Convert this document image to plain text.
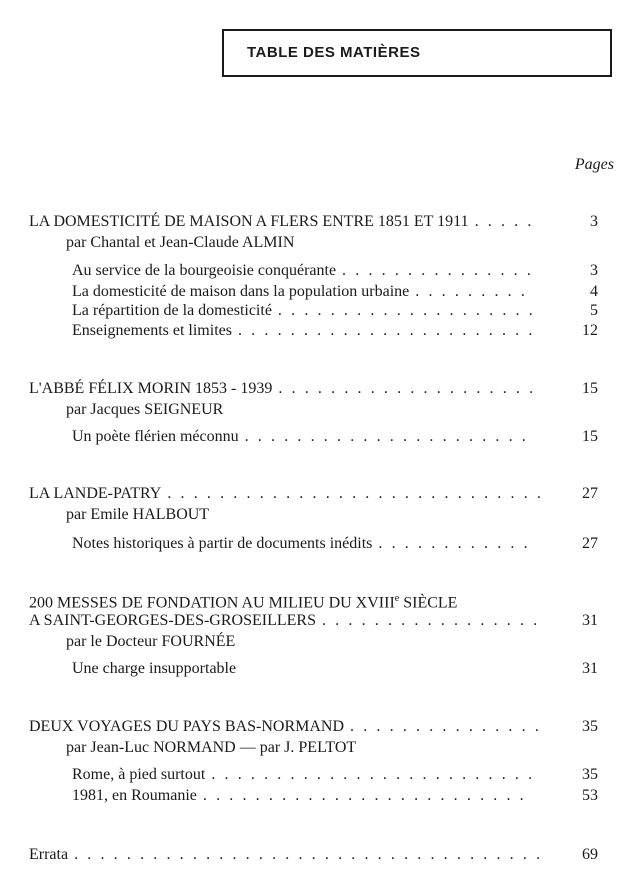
TABLE DES MATIÈRES
Pages
LA DOMESTICITÉ DE MAISON A FLERS ENTRE 1851 ET 1911 . . .	3
par Chantal et Jean-Claude ALMIN
Au service de la bourgeoisie conquérante . . .	3
La domesticité de maison dans la population urbaine . . .	4
La répartition de la domesticité . . .	5
Enseignements et limites . . .	12
L'ABBÉ FÉLIX MORIN 1853 - 1939 . . .	15
par Jacques SEIGNEUR
Un poète flérien méconnu . . .	15
LA LANDE-PATRY . . .	27
par Emile HALBOUT
Notes historiques à partir de documents inédits . . .	27
200 MESSES DE FONDATION AU MILIEU DU XVIIIe SIÈCLE
A SAINT-GEORGES-DES-GROSEILLERS . . .	31
par le Docteur FOURNÉE
Une charge insupportable	31
DEUX VOYAGES DU PAYS BAS-NORMAND . . .	35
par Jean-Luc NORMAND — par J. PELTOT
Rome, à pied surtout . . .	35
1981, en Roumanie . . .	53
Errata . . .	69
